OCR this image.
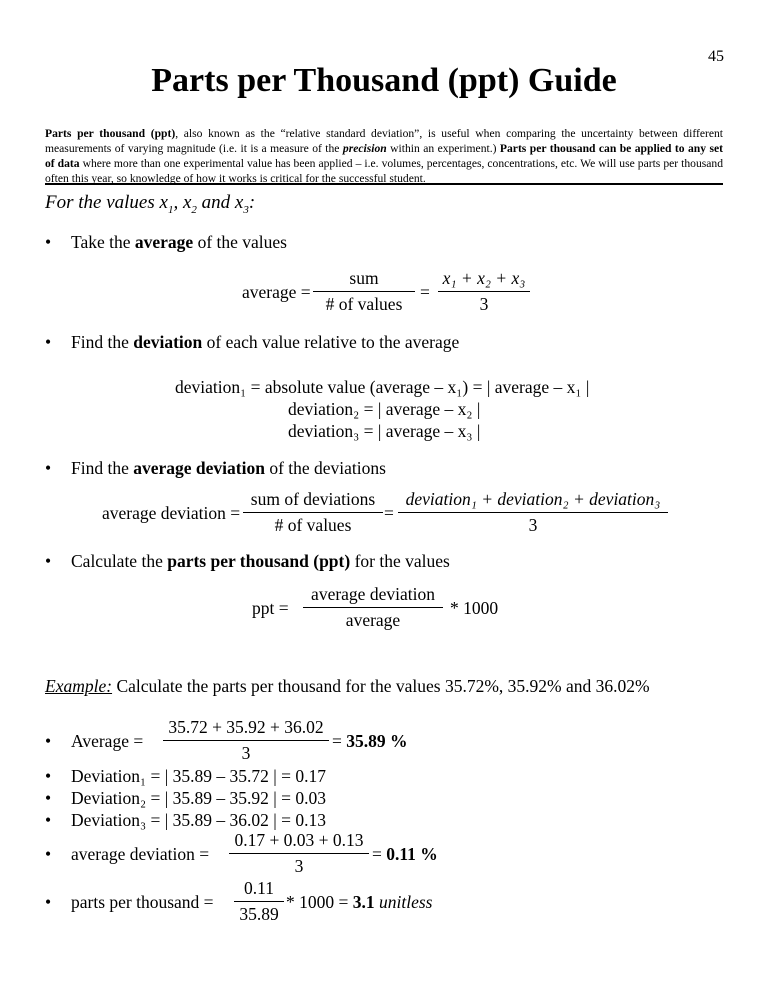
45
Parts per Thousand (ppt) Guide
Parts per thousand (ppt), also known as the “relative standard deviation”, is useful when comparing the uncertainty between different measurements of varying magnitude (i.e. it is a measure of the precision within an experiment.) Parts per thousand can be applied to any set of data where more than one experimental value has been applied – i.e. volumes, percentages, concentrations, etc. We will use parts per thousand often this year, so knowledge of how it works is critical for the successful student.
For the values $x_1$, $x_2$ and $x_3$:
• Take the average of the values
average =
sum
# of values
= $\frac{\text{x₁ + x₂ + x₃}}{3}$
• Find the deviation of each value relative to the average
deviation₁ = absolute value (average – x₁) = | average – x₁ |
deviation₂ = | average – x₂ |
deviation₃ = | average – x₃ |
• Find the average deviation of the deviations
average deviation =
sum of deviations
# of values
=
deviation₁ + deviation₂ + deviation₃
3
• Calculate the parts per thousand (ppt) for the values
ppt =
average deviation
average
* 1000
Example: Calculate the parts per thousand for the values 35.72%, 35.92% and 36.02%
• Average = $\frac{35.72 + 35.92 + 36.02}{3} = 35.89$ %
• Deviation₁ = | 35.89 – 35.72 | = 0.17
• Deviation₂ = | 35.89 – 35.92 | = 0.03
• Deviation₃ = | 35.89 – 36.02 | = 0.13
• average deviation = $\frac{0.17 + 0.03 + 0.13}{3} = 0.11$ %
• parts per thousand = $\frac{0.11}{35.89} * 1000 = 3.1$ unitless
